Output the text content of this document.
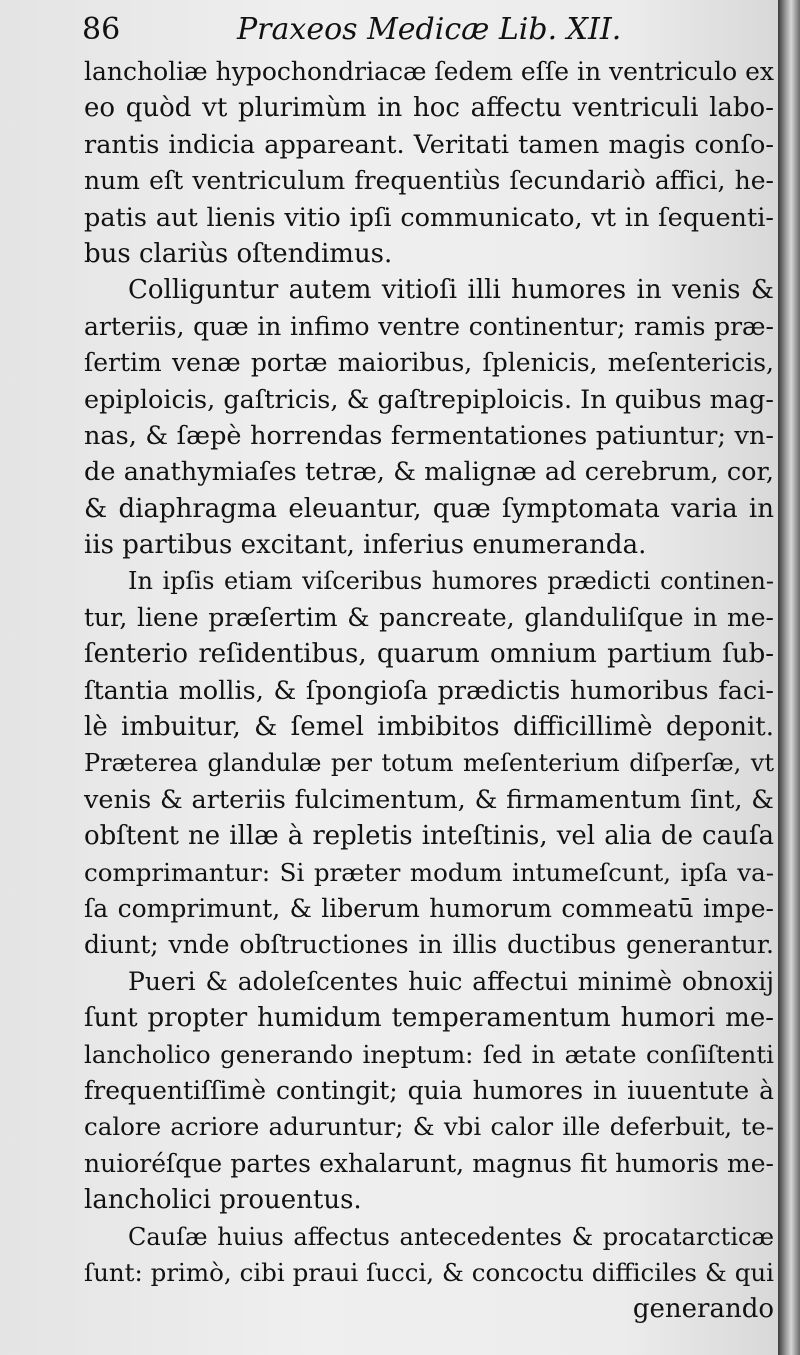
86	Praxeos Medicæ Lib. XII.
lancholiæ hypochondriacæ ſedem eſſe in ventriculo ex
eo quòd vt plurimùm in hoc affectu ventriculi labo-
rantis indicia appareant. Veritati tamen magis conſo-
num eſt ventriculum frequentiùs ſecundariò affici, he-
patis aut lienis vitio ipſi communicato, vt in ſequenti-
bus clariùs oſtendimus.
Colliguntur autem vitioſi illi humores in venis &
arteriis, quæ in infimo ventre continentur; ramis præ-
ſertim venæ portæ maioribus, ſplenicis, meſentericis,
epiploicis, gaſtricis, & gaſtrepiploicis. In quibus mag-
nas, & ſæpè horrendas fermentationes patiuntur; vn-
de anathymiaſes tetræ, & malignæ ad cerebrum, cor,
& diaphragma eleuantur, quæ ſymptomata varia in
iis partibus excitant, inferius enumeranda.
In ipſis etiam viſceribus humores prædicti continen-
tur, liene præſertim & pancreate, glanduliſque in me-
ſenterio reſidentibus, quarum omnium partium ſub-
ſtantia mollis, & ſpongioſa prædictis humoribus faci-
lè imbuitur, & ſemel imbibitos difficillimè deponit.
Præterea glandulæ per totum meſenterium diſperſæ, vt
venis & arteriis fulcimentum, & firmamentum ſint, &
obſtent ne illæ à repletis inteſtinis, vel alia de cauſa
comprimantur: Si præter modum intumeſcunt, ipſa va-
ſa comprimunt, & liberum humorum commeatū impe-
diunt; vnde obſtructiones in illis ductibus generantur.
Pueri & adoleſcentes huic affectui minimè obnoxij
ſunt propter humidum temperamentum humori me-
lancholico generando ineptum: ſed in ætate conſiſtenti
frequentiſſimè contingit; quia humores in iuuentute à
calore acriore aduruntur; & vbi calor ille deferbuit, te-
nuioréſque partes exhalarunt, magnus fit humoris me-
lancholici prouentus.
Cauſæ huius affectus antecedentes & procatarcticæ
ſunt: primò, cibi praui ſucci, & concoctu difficiles & qui
generando
